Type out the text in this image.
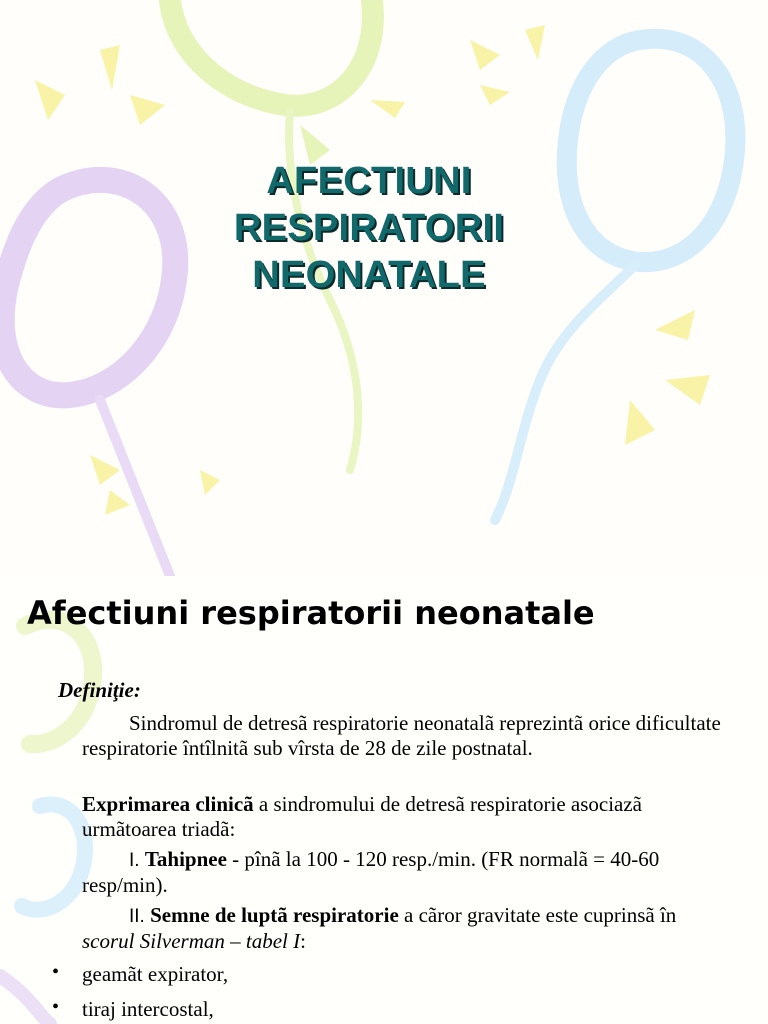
AFECTIUNI
RESPIRATORII
NEONATALE
Afectiuni respiratorii neonatale
Definiţie:
Sindromul de detresã respiratorie neonatalã reprezintã orice dificultate respiratorie întîlnitã sub vîrsta de 28 de zile postnatal.
Exprimarea clinicã a sindromului de detresã respiratorie asociazã urmãtoarea triadã:
I. Tahipnee - pînã la 100 - 120 resp./min. (FR normalã = 40-60 resp/min).
II. Semne de luptã respiratorie a cãror gravitate este cuprinsã în scorul Silverman – tabel I:
• geamãt expirator,
• tiraj intercostal,
